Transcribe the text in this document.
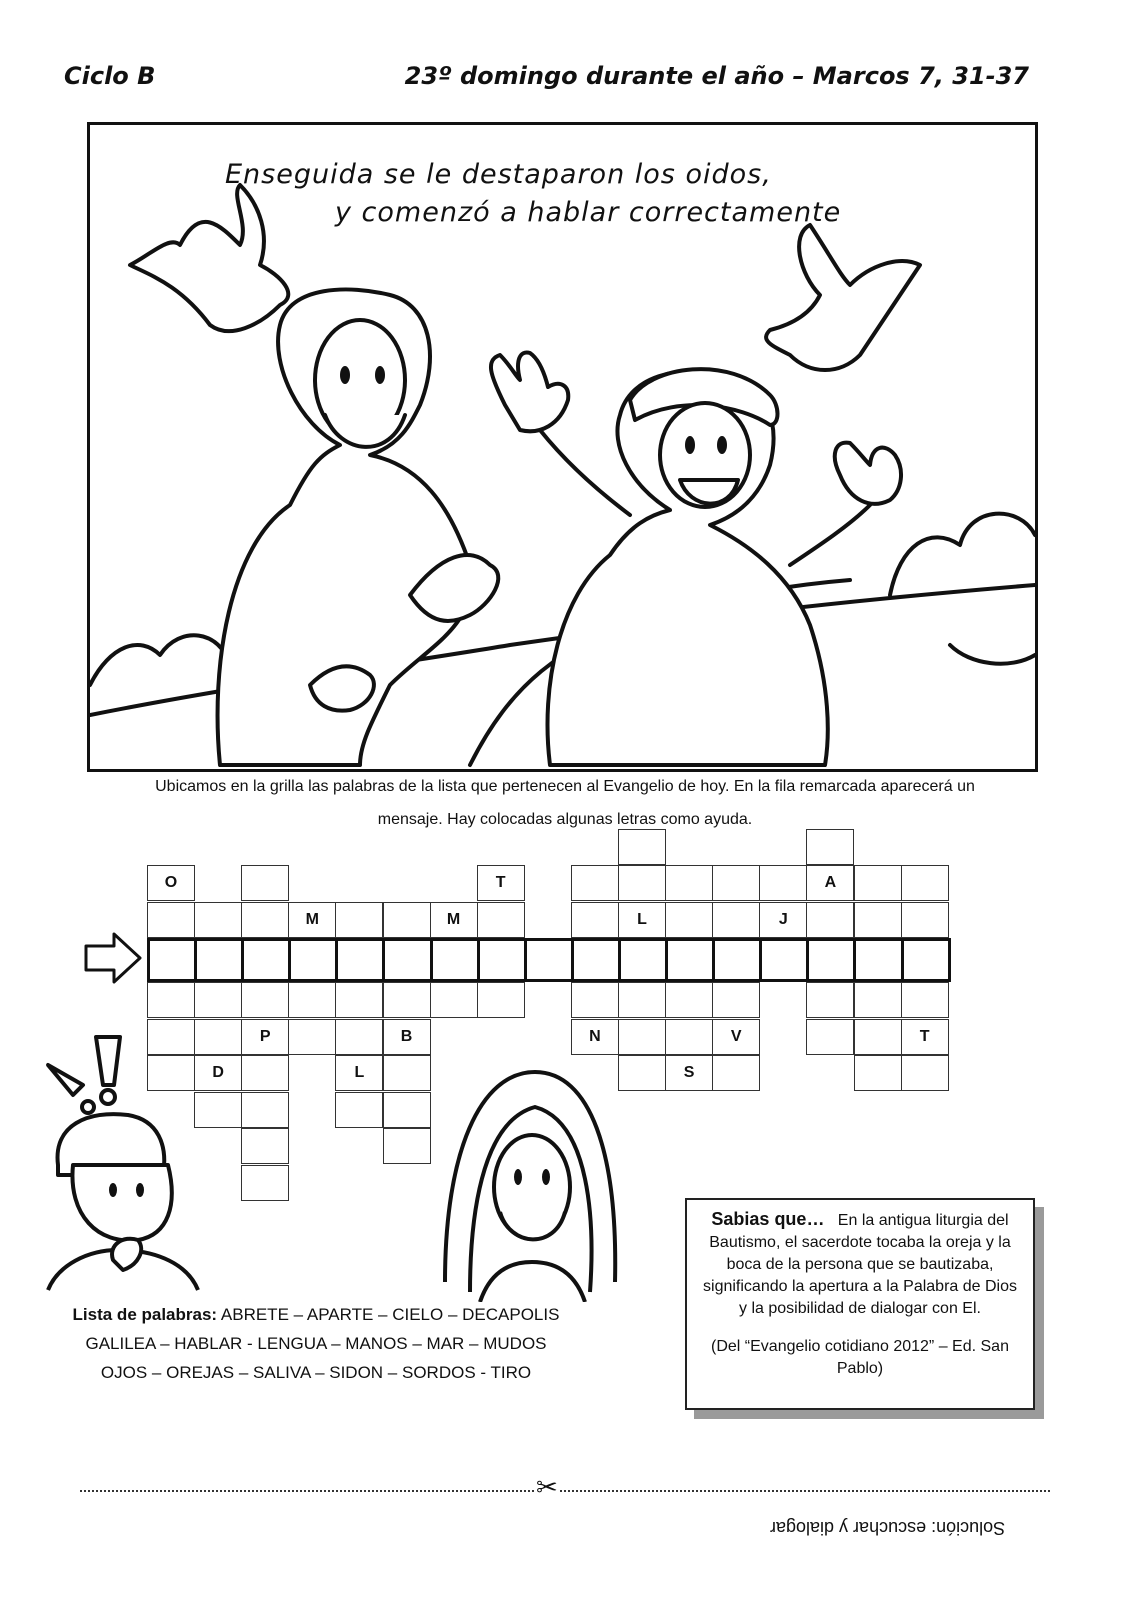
Ciclo B	23º domingo durante el año – Marcos 7, 31-37
Enseguida se le destaparon los oidos,
y comenzó a hablar correctamente
Ubicamos en la grilla las palabras de la lista que pertenecen al Evangelio de hoy. En la fila remarcada aparecerá un
mensaje. Hay colocadas algunas letras como ayuda.
O
D
P
M
L
B
M
T
N
L
S
V
J
A
T
Lista de palabras: ABRETE – APARTE – CIELO – DECAPOLIS
GALILEA – HABLAR - LENGUA – MANOS – MAR – MUDOS
OJOS – OREJAS – SALIVA – SIDON – SORDOS - TIRO
Sabias que… En la antigua liturgia del Bautismo, el sacerdote tocaba la oreja y la boca de la persona que se bautizaba, significando la apertura a la Palabra de Dios y la posibilidad de dialogar con El.
(Del “Evangelio cotidiano 2012” – Ed. San Pablo)
✂
Solución: escuchar y dialogar
